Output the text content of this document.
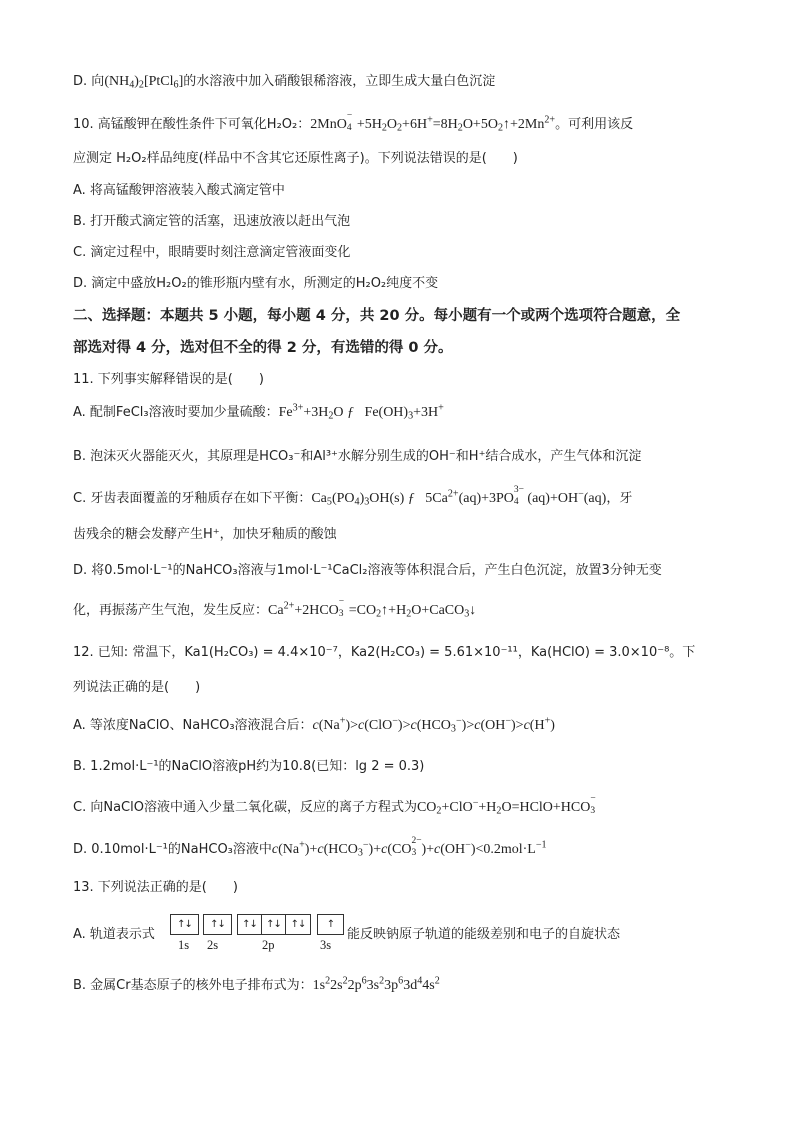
D. 向$(NH_4)_2[PtCl_6]$的水溶液中加入硝酸银稀溶液，立即生成大量白色沉淀
10. 高锰酸钾在酸性条件下可氧化H₂O₂：2MnO
−
$4 +5H_2O_2+6H^+=8H_2O+5O_2↑+2Mn^{2+}$。可利用该反
应测定 H₂O₂样品纯度(样品中不含其它还原性离子)。下列说法错误的是(　　)
A. 将高锰酸钾溶液装入酸式滴定管中
B. 打开酸式滴定管的活塞，迅速放液以赶出气泡
C. 滴定过程中，眼睛要时刻注意滴定管液面变化
D. 滴定中盛放H₂O₂的锥形瓶内壁有水，所测定的H₂O₂纯度不变
二、选择题：本题共 5 小题，每小题 4 分，共 20 分。每小题有一个或两个选项符合题意，全
部选对得 4 分，选对但不全的得 2 分，有选错的得 0 分。
11. 下列事实解释错误的是(　　)
A. 配制FeCl₃溶液时要加少量硫酸：$Fe^{3+}+3H_2O$ ƒ   $Fe(OH)_3+3H^+$
B. 泡沫灭火器能灭火，其原理是HCO₃⁻和Al³⁺水解分别生成的OH⁻和H⁺结合成水，产生气体和沉淀
C. 牙齿表面覆盖的牙釉质存在如下平衡：$Ca_5(PO_4)_3OH(s)$ ƒ   $5Ca^{2+}(aq)+3PO$
3−
4 (aq)+OH−(aq)，牙
齿残余的糖会发酵产生H⁺，加快牙釉质的酸蚀
D. 将0.5mol·L⁻¹的NaHCO₃溶液与1mol·L⁻¹CaCl₂溶液等体积混合后，产生白色沉淀，放置3分钟无变
化，再振荡产生气泡，发生反应：$Ca^{2+}+2HCO$
−
$3 =CO_2↑+H_2O+CaCO_3↓$
12. 已知: 常温下，Ka1(H₂CO₃) = 4.4×10⁻⁷，Ka2(H₂CO₃) = 5.61×10⁻¹¹，Ka(HClO) = 3.0×10⁻⁸。下
列说法正确的是(　　)
A. 等浓度NaClO、NaHCO₃溶液混合后：$c(Na^+)>c(ClO^-)>c(HCO_3^-)>c(OH^-)>c(H^+)$
B. 1.2mol·L⁻¹的NaClO溶液pH约为10.8(已知：lg 2 = 0.3)
C. 向NaClO溶液中通入少量二氧化碳，反应的离子方程式为$CO_2+ClO^-+H_2O=HClO+HCO$
−
3
D. 0.10mol·L⁻¹的NaHCO₃溶液中$c(Na^+)+c(HCO_3^-)+c(CO$
2−
3 )$+c(OH^-)<0.2mol\cdot L^{-1}$
13. 下列说法正确的是(　　)
A. 轨道表示式
↑↓	↑↓	↑↓ ↑↓ ↑↓	↑
1s 2s	2p	3s
能反映钠原子轨道的能级差别和电子的自旋状态
B. 金属Cr基态原子的核外电子排布式为：$1s^22s^22p^63s^23p^63d^44s^2$
